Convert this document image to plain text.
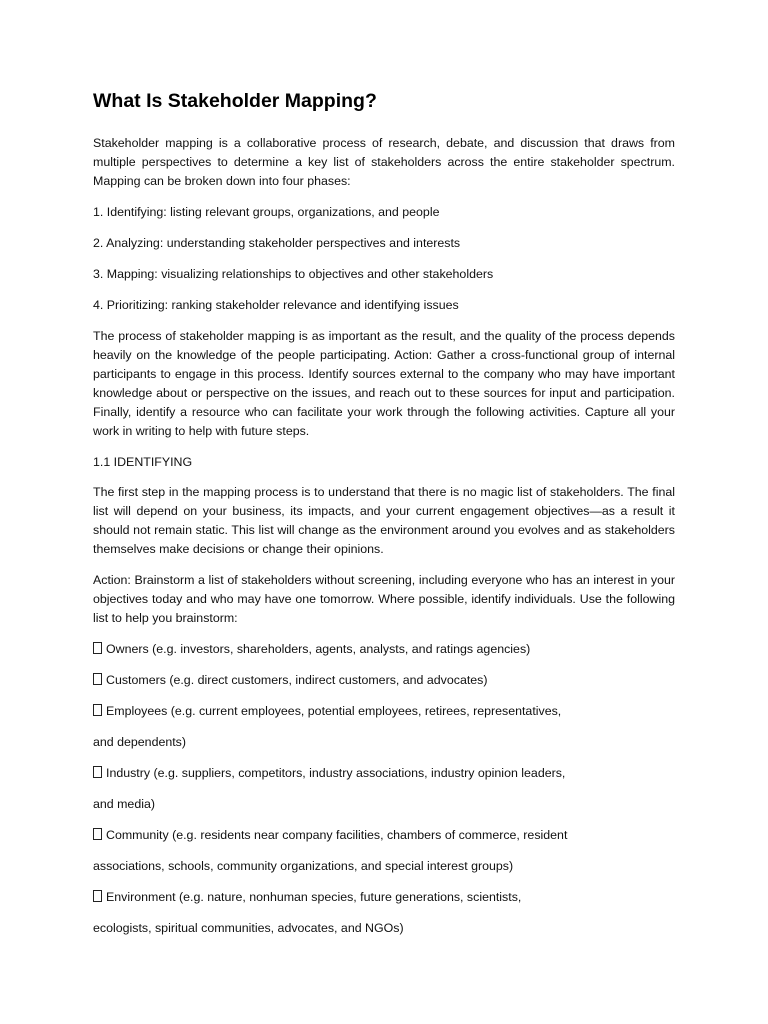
What Is Stakeholder Mapping?

Stakeholder mapping is a collaborative process of research, debate, and discussion that draws from multiple perspectives to determine a key list of stakeholders across the entire stakeholder spectrum. Mapping can be broken down into four phases:

1. Identifying: listing relevant groups, organizations, and people

2. Analyzing: understanding stakeholder perspectives and interests

3. Mapping: visualizing relationships to objectives and other stakeholders

4. Prioritizing: ranking stakeholder relevance and identifying issues

The process of stakeholder mapping is as important as the result, and the quality of the process depends heavily on the knowledge of the people participating. Action: Gather a cross-functional group of internal participants to engage in this process. Identify sources external to the company who may have important knowledge about or perspective on the issues, and reach out to these sources for input and participation. Finally, identify a resource who can facilitate your work through the following activities. Capture all your work in writing to help with future steps.

1.1 IDENTIFYING

The first step in the mapping process is to understand that there is no magic list of stakeholders. The final list will depend on your business, its impacts, and your current engagement objectives—as a result it should not remain static. This list will change as the environment around you evolves and as stakeholders themselves make decisions or change their opinions.

Action: Brainstorm a list of stakeholders without screening, including everyone who has an interest in your objectives today and who may have one tomorrow. Where possible, identify individuals. Use the following list to help you brainstorm:

Owners (e.g. investors, shareholders, agents, analysts, and ratings agencies)

Customers (e.g. direct customers, indirect customers, and advocates)

Employees (e.g. current employees, potential employees, retirees, representatives,

and dependents)

Industry (e.g. suppliers, competitors, industry associations, industry opinion leaders,

and media)

Community (e.g. residents near company facilities, chambers of commerce, resident

associations, schools, community organizations, and special interest groups)

Environment (e.g. nature, nonhuman species, future generations, scientists,

ecologists, spiritual communities, advocates, and NGOs)
